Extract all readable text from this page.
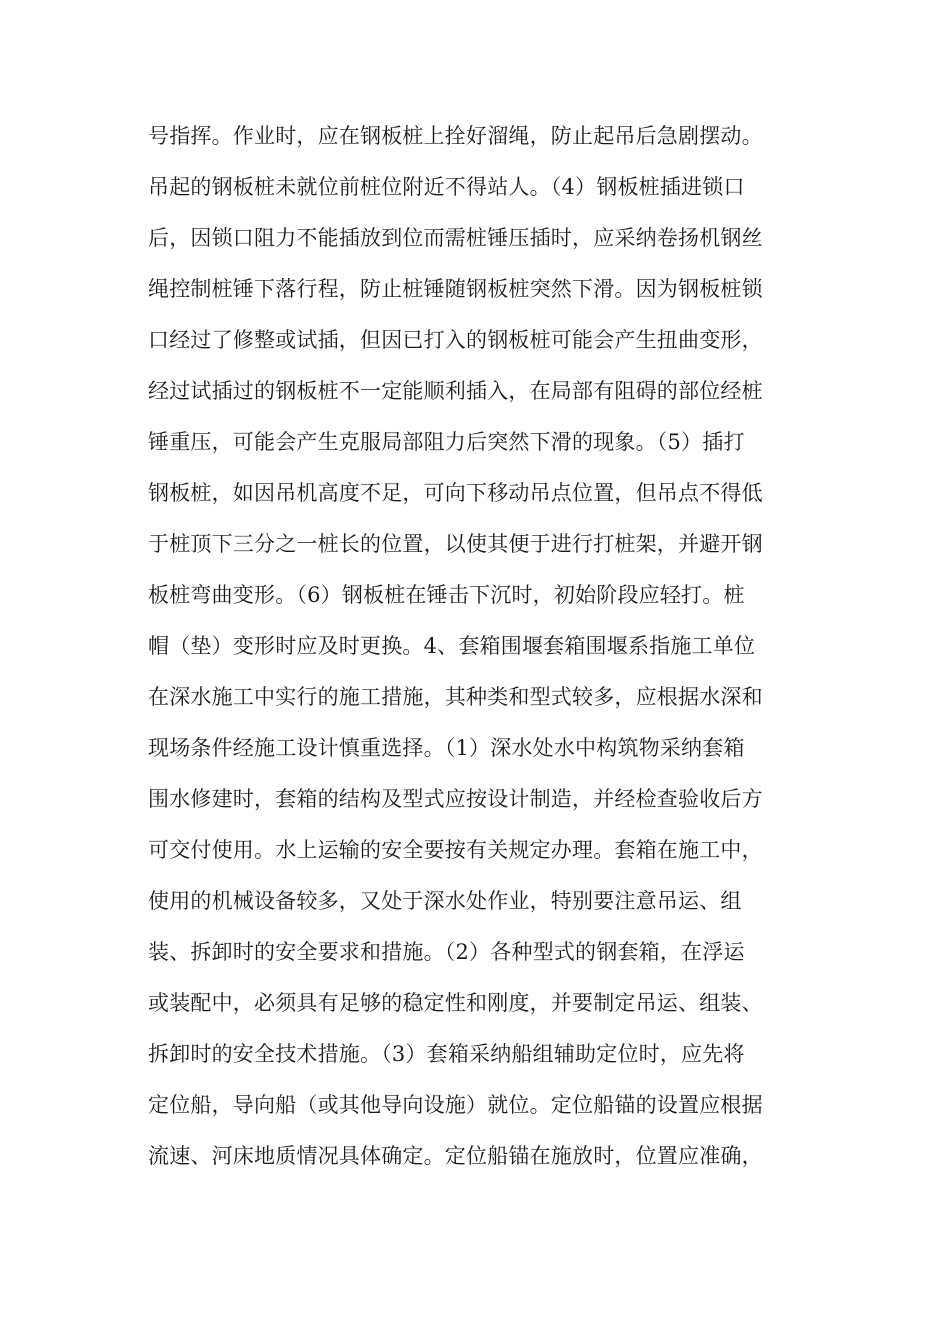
号指挥。作业时，应在钢板桩上拴好溜绳，防止起吊后急剧摆动。
吊起的钢板桩未就位前桩位附近不得站人。（4）钢板桩插进锁口
后，因锁口阻力不能插放到位而需桩锤压插时，应采纳卷扬机钢丝
绳控制桩锤下落行程，防止桩锤随钢板桩突然下滑。因为钢板桩锁
口经过了修整或试插，但因已打入的钢板桩可能会产生扭曲变形，
经过试插过的钢板桩不一定能顺利插入，在局部有阻碍的部位经桩
锤重压，可能会产生克服局部阻力后突然下滑的现象。（5）插打
钢板桩，如因吊机高度不足，可向下移动吊点位置，但吊点不得低
于桩顶下三分之一桩长的位置，以使其便于进行打桩架，并避开钢
板桩弯曲变形。（6）钢板桩在锤击下沉时，初始阶段应轻打。桩
帽（垫）变形时应及时更换。4、套箱围堰套箱围堰系指施工单位
在深水施工中实行的施工措施，其种类和型式较多，应根据水深和
现场条件经施工设计慎重选择。（1）深水处水中构筑物采纳套箱
围水修建时，套箱的结构及型式应按设计制造，并经检查验收后方
可交付使用。水上运输的安全要按有关规定办理。套箱在施工中，
使用的机械设备较多，又处于深水处作业，特别要注意吊运、组
装、拆卸时的安全要求和措施。（2）各种型式的钢套箱，在浮运
或装配中，必须具有足够的稳定性和刚度，并要制定吊运、组装、
拆卸时的安全技术措施。（3）套箱采纳船组辅助定位时，应先将
定位船，导向船（或其他导向设施）就位。定位船锚的设置应根据
流速、河床地质情况具体确定。定位船锚在施放时，位置应准确，
